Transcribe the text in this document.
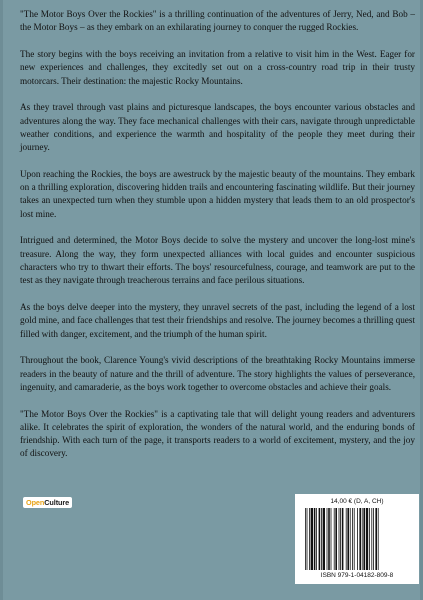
"The Motor Boys Over the Rockies" is a thrilling continuation of the adventures of Jerry, Ned, and Bob – the Motor Boys – as they embark on an exhilarating journey to conquer the rugged Rockies.

The story begins with the boys receiving an invitation from a relative to visit him in the West. Eager for new experiences and challenges, they excitedly set out on a cross-country road trip in their trusty motorcars. Their destination: the majestic Rocky Mountains.

As they travel through vast plains and picturesque landscapes, the boys encounter various obstacles and adventures along the way. They face mechanical challenges with their cars, navigate through unpredictable weather conditions, and experience the warmth and hospitality of the people they meet during their journey.

Upon reaching the Rockies, the boys are awestruck by the majestic beauty of the mountains. They embark on a thrilling exploration, discovering hidden trails and encountering fascinating wildlife. But their journey takes an unexpected turn when they stumble upon a hidden mystery that leads them to an old prospector's lost mine.

Intrigued and determined, the Motor Boys decide to solve the mystery and uncover the long-lost mine's treasure. Along the way, they form unexpected alliances with local guides and encounter suspicious characters who try to thwart their efforts. The boys' resourcefulness, courage, and teamwork are put to the test as they navigate through treacherous terrains and face perilous situations.

As the boys delve deeper into the mystery, they unravel secrets of the past, including the legend of a lost gold mine, and face challenges that test their friendships and resolve. The journey becomes a thrilling quest filled with danger, excitement, and the triumph of the human spirit.

Throughout the book, Clarence Young's vivid descriptions of the breathtaking Rocky Mountains immerse readers in the beauty of nature and the thrill of adventure. The story highlights the values of perseverance, ingenuity, and camaraderie, as the boys work together to overcome obstacles and achieve their goals.

"The Motor Boys Over the Rockies" is a captivating tale that will delight young readers and adventurers alike. It celebrates the spirit of exploration, the wonders of the natural world, and the enduring bonds of friendship. With each turn of the page, it transports readers to a world of excitement, mystery, and the joy of discovery.

Open Culture	14,00 € (D, A, CH)
ISBN 979-1-04182-809-8
